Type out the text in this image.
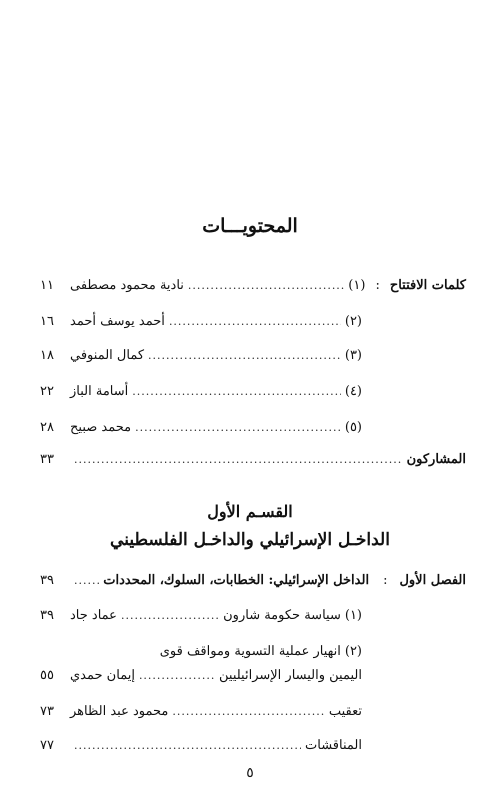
المحتويـــات
كلمات الافتتاح
:
(١)
.....
نادية محمود مصطفى
١١
(٢)
.....
أحمد يوسف أحمد
١٦
(٣)
.....
كمال المنوفي
١٨
(٤)
.....
أسامة الباز
٢٢
(٥)
.....
محمد صبيح
٢٨
المشاركون
.....
٣٣
القسـم الأول
الداخـل الإسرائيلي والداخـل الفلسطيني
الفصل الأول
:
الداخل الإسرائيلي: الخطابات، السلوك، المحددات
.....
٣٩
(١)
سياسة حكومة شارون
.....
عماد جاد
٣٩
(٢)
انهيار عملية التسوية ومواقف قوى
اليمين واليسار الإسرائيليين
.....
إيمان حمدي
٥٥
تعقيب
.....
محمود عبد الظاهر
٧٣
المناقشات
.....
٧٧
٥
